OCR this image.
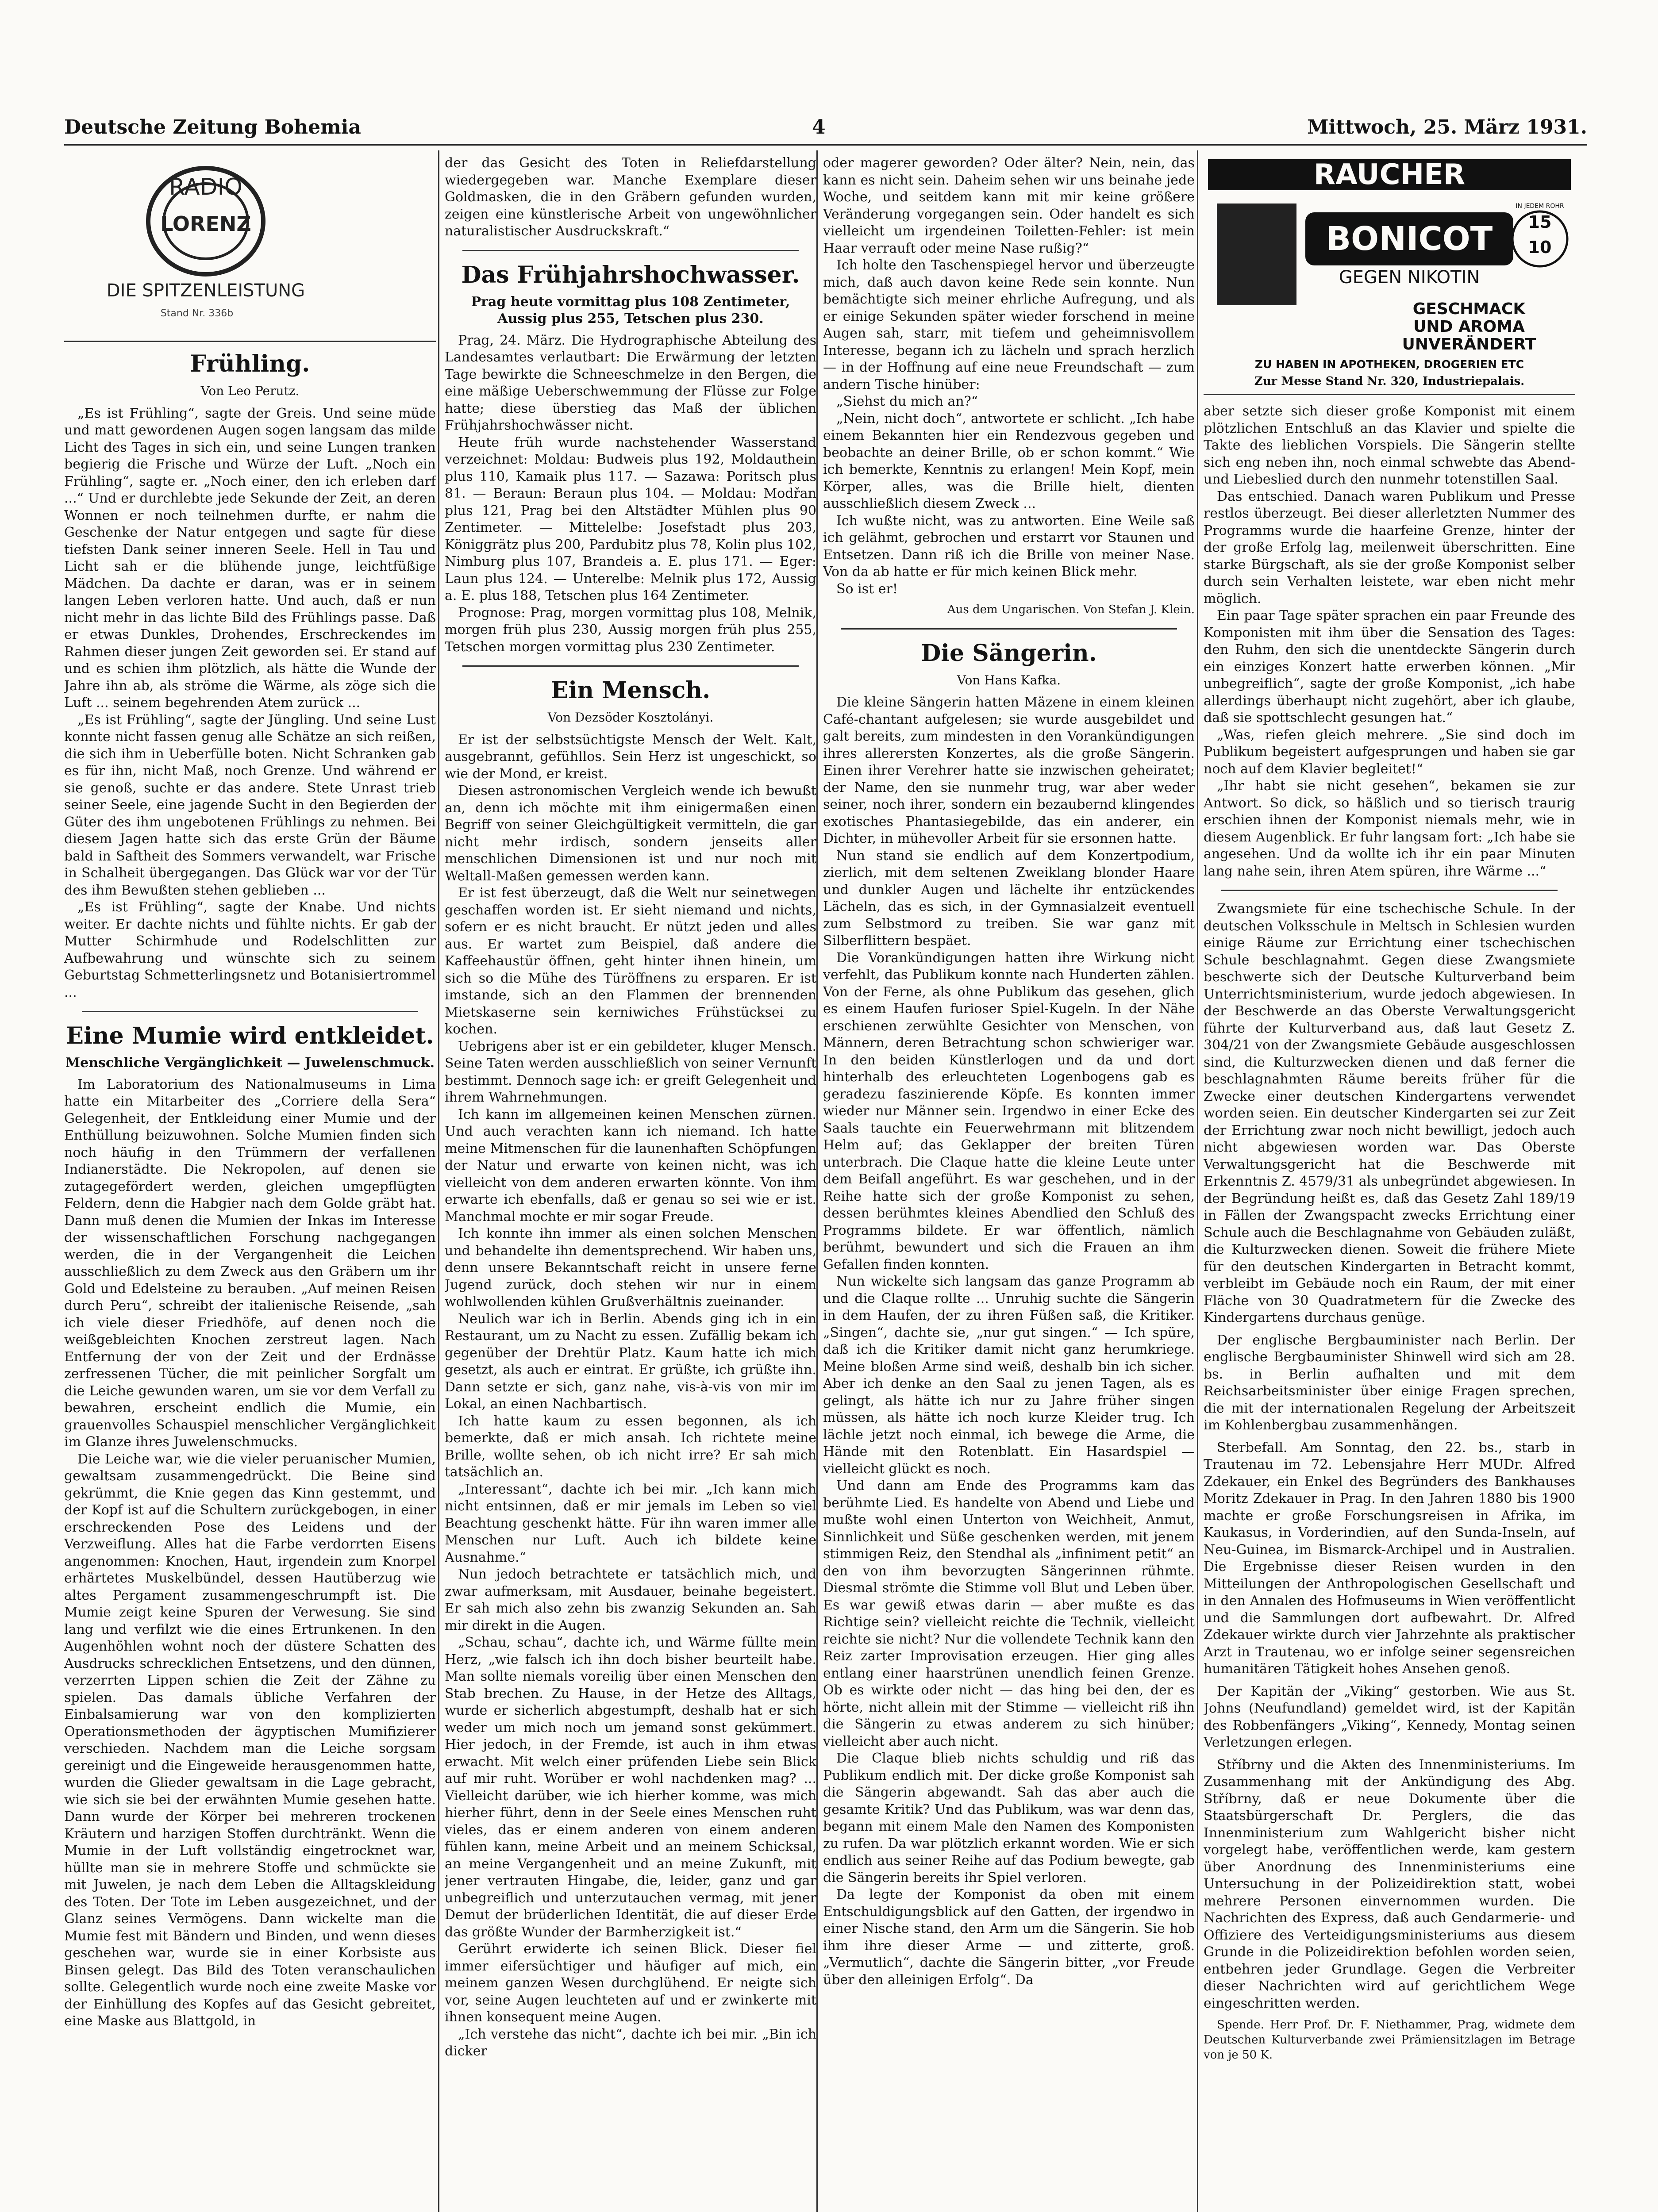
Deutsche Zeitung Bohemia	4	Mittwoch, 25. März 1931.
RADIO
LORENZ
DIE SPITZENLEISTUNG
Stand Nr. 336b
Frühling.
Von Leo Perutz.

„Es ist Frühling“, sagte der Greis. Und seine müde und matt gewordenen Augen sogen langsam das milde Licht des Tages in sich ein, und seine Lungen tranken begierig die Frische und Würze der Luft. „Noch ein Frühling“, sagte er. „Noch einer, den ich erleben darf ...“ Und er durchlebte jede Sekunde der Zeit, an deren Wonnen er noch teilnehmen durfte, er nahm die Geschenke der Natur entgegen und sagte für diese tiefsten Dank seiner inneren Seele. Hell in Tau und Licht sah er die blühende junge, leichtfüßige Mädchen. Da dachte er daran, was er in seinem langen Leben verloren hatte. Und auch, daß er nun nicht mehr in das lichte Bild des Frühlings passe. Daß er etwas Dunkles, Drohendes, Erschreckendes im Rahmen dieser jungen Zeit geworden sei. Er stand auf und es schien ihm plötzlich, als hätte die Wunde der Jahre ihn ab, als ströme die Wärme, als zöge sich die Luft ... seinem begehrenden Atem zurück ...

„Es ist Frühling“, sagte der Jüngling. Und seine Lust konnte nicht fassen genug alle Schätze an sich reißen, die sich ihm in Ueberfülle boten. Nicht Schranken gab es für ihn, nicht Maß, noch Grenze. Und während er sie genoß, suchte er das andere. Stete Unrast trieb seiner Seele, eine jagende Sucht in den Begierden der Güter des ihm ungebotenen Frühlings zu nehmen. Bei diesem Jagen hatte sich das erste Grün der Bäume bald in Saftheit des Sommers verwandelt, war Frische in Schalheit übergegangen. Das Glück war vor der Tür des ihm Bewußten stehen geblieben ...

„Es ist Frühling“, sagte der Knabe. Und nichts weiter. Er dachte nichts und fühlte nichts. Er gab der Mutter Schirmhude und Rodelschlitten zur Aufbewahrung und wünschte sich zu seinem Geburtstag Schmetterlingsnetz und Botanisiertrommel ...

Eine Mumie wird entkleidet.
Menschliche Vergänglichkeit — Juwelenschmuck.

Im Laboratorium des Nationalmuseums in Lima hatte ein Mitarbeiter des „Corriere della Sera“ Gelegenheit, der Entkleidung einer Mumie und der Enthüllung beizuwohnen. Solche Mumien finden sich noch häufig in den Trümmern der verfallenen Indianerstädte. Die Nekropolen, auf denen sie zutagegefördert werden, gleichen umgepflügten Feldern, denn die Habgier nach dem Golde gräbt hat. Dann muß denen die Mumien der Inkas im Interesse der wissenschaftlichen Forschung nachgegangen werden, die in der Vergangenheit die Leichen ausschließlich zu dem Zweck aus den Gräbern um ihr Gold und Edelsteine zu berauben. „Auf meinen Reisen durch Peru“, schreibt der italienische Reisende, „sah ich viele dieser Friedhöfe, auf denen noch die weißgebleichten Knochen zerstreut lagen. Nach Entfernung der von der Zeit und der Erdnässe zerfressenen Tücher, die mit peinlicher Sorgfalt um die Leiche gewunden waren, um sie vor dem Verfall zu bewahren, erscheint endlich die Mumie, ein grauenvolles Schauspiel menschlicher Vergänglichkeit im Glanze ihres Juwelenschmucks.

Die Leiche war, wie die vieler peruanischer Mumien, gewaltsam zusammengedrückt. Die Beine sind gekrümmt, die Knie gegen das Kinn gestemmt, und der Kopf ist auf die Schultern zurückgebogen, in einer erschreckenden Pose des Leidens und der Verzweiflung. Alles hat die Farbe verdorrten Eisens angenommen: Knochen, Haut, irgendein zum Knorpel erhärtetes Muskelbündel, dessen Hautüberzug wie altes Pergament zusammengeschrumpft ist. Die Mumie zeigt keine Spuren der Verwesung. Sie sind lang und verfilzt wie die eines Ertrunkenen. In den Augenhöhlen wohnt noch der düstere Schatten des Ausdrucks schrecklichen Entsetzens, und den dünnen, verzerrten Lippen schien die Zeit der Zähne zu spielen. Das damals übliche Verfahren der Einbalsamierung war von den komplizierten Operationsmethoden der ägyptischen Mumifizierer verschieden. Nachdem man die Leiche sorgsam gereinigt und die Eingeweide herausgenommen hatte, wurden die Glieder gewaltsam in die Lage gebracht, wie sich sie bei der erwähnten Mumie gesehen hatte. Dann wurde der Körper bei mehreren trockenen Kräutern und harzigen Stoffen durchtränkt. Wenn die Mumie in der Luft vollständig eingetrocknet war, hüllte man sie in mehrere Stoffe und schmückte sie mit Juwelen, je nach dem Leben die Alltagskleidung des Toten. Der Tote im Leben ausgezeichnet, und der Glanz seines Vermögens. Dann wickelte man die Mumie fest mit Bändern und Binden, und wenn dieses geschehen war, wurde sie in einer Korbsiste aus Binsen gelegt. Das Bild des Toten veranschaulichen sollte. Gelegentlich wurde noch eine zweite Maske vor der Einhüllung des Kopfes auf das Gesicht gebreitet, eine Maske aus Blattgold, in

der das Gesicht des Toten in Reliefdarstellung wiedergegeben war. Manche Exemplare dieser Goldmasken, die in den Gräbern gefunden wurden, zeigen eine künstlerische Arbeit von ungewöhnlicher naturalistischer Ausdruckskraft.“

Das Frühjahrshochwasser.
Prag heute vormittag plus 108 Zentimeter, Aussig plus 255, Tetschen plus 230.

Prag, 24. März. Die Hydrographische Abteilung des Landesamtes verlautbart: Die Erwärmung der letzten Tage bewirkte die Schneeschmelze in den Bergen, die eine mäßige Ueberschwemmung der Flüsse zur Folge hatte; diese überstieg das Maß der üblichen Frühjahrshochwässer nicht.

Heute früh wurde nachstehender Wasserstand verzeichnet: Moldau: Budweis plus 192, Moldauthein plus 110, Kamaik plus 117. — Sazawa: Poritsch plus 81. — Beraun: Beraun plus 104. — Moldau: Modřan plus 121, Prag bei den Altstädter Mühlen plus 90 Zentimeter. — Mittelelbe: Josefstadt plus 203, Königgrätz plus 200, Pardubitz plus 78, Kolin plus 102, Nimburg plus 107, Brandeis a. E. plus 171. — Eger: Laun plus 124. — Unterelbe: Melnik plus 172, Aussig a. E. plus 188, Tetschen plus 164 Zentimeter.

Prognose: Prag, morgen vormittag plus 108, Melnik, morgen früh plus 230, Aussig morgen früh plus 255, Tetschen morgen vormittag plus 230 Zentimeter.

Ein Mensch.
Von Dezsöder Kosztolányi.

Er ist der selbstsüchtigste Mensch der Welt. Kalt, ausgebrannt, gefühllos. Sein Herz ist ungeschickt, so wie der Mond, er kreist.

Diesen astronomischen Vergleich wende ich bewußt an, denn ich möchte mit ihm einigermaßen einen Begriff von seiner Gleichgültigkeit vermitteln, die gar nicht mehr irdisch, sondern jenseits aller menschlichen Dimensionen ist und nur noch mit Weltall-Maßen gemessen werden kann.

Er ist fest überzeugt, daß die Welt nur seinetwegen geschaffen worden ist. Er sieht niemand und nichts, sofern er es nicht braucht. Er nützt jeden und alles aus. Er wartet zum Beispiel, daß andere die Kaffeehaustür öffnen, geht hinter ihnen hinein, um sich so die Mühe des Türöffnens zu ersparen. Er ist imstande, sich an den Flammen der brennenden Mietskaserne sein kerniwiches Frühstücksei zu kochen.

Uebrigens aber ist er ein gebildeter, kluger Mensch. Seine Taten werden ausschließlich von seiner Vernunft bestimmt. Dennoch sage ich: er greift Gelegenheit und ihrem Wahrnehmungen.

Ich kann im allgemeinen keinen Menschen zürnen. Und auch verachten kann ich niemand. Ich hatte meine Mitmenschen für die launenhaften Schöpfungen der Natur und erwarte von keinen nicht, was ich vielleicht von dem anderen erwarten könnte. Von ihm erwarte ich ebenfalls, daß er genau so sei wie er ist. Manchmal mochte er mir sogar Freude.

Ich konnte ihn immer als einen solchen Menschen und behandelte ihn dementsprechend. Wir haben uns, denn unsere Bekanntschaft reicht in unsere ferne Jugend zurück, doch stehen wir nur in einem wohlwollenden kühlen Grußverhältnis zueinander.

Neulich war ich in Berlin. Abends ging ich in ein Restaurant, um zu Nacht zu essen. Zufällig bekam ich gegenüber der Drehtür Platz. Kaum hatte ich mich gesetzt, als auch er eintrat. Er grüßte, ich grüßte ihn. Dann setzte er sich, ganz nahe, vis-à-vis von mir im Lokal, an einen Nachbartisch.

Ich hatte kaum zu essen begonnen, als ich bemerkte, daß er mich ansah. Ich richtete meine Brille, wollte sehen, ob ich nicht irre? Er sah mich tatsächlich an.

„Interessant“, dachte ich bei mir. „Ich kann mich nicht entsinnen, daß er mir jemals im Leben so viel Beachtung geschenkt hätte. Für ihn waren immer alle Menschen nur Luft. Auch ich bildete keine Ausnahme.“

Nun jedoch betrachtete er tatsächlich mich, und zwar aufmerksam, mit Ausdauer, beinahe begeistert. Er sah mich also zehn bis zwanzig Sekunden an. Sah mir direkt in die Augen.

„Schau, schau“, dachte ich, und Wärme füllte mein Herz, „wie falsch ich ihn doch bisher beurteilt habe. Man sollte niemals voreilig über einen Menschen den Stab brechen. Zu Hause, in der Hetze des Alltags, wurde er sicherlich abgestumpft, deshalb hat er sich weder um mich noch um jemand sonst gekümmert. Hier jedoch, in der Fremde, ist auch in ihm etwas erwacht. Mit welch einer prüfenden Liebe sein Blick auf mir ruht. Worüber er wohl nachdenken mag? ... Vielleicht darüber, wie ich hierher komme, was mich hierher führt, denn in der Seele eines Menschen ruht vieles, das er einem anderen von einem anderen fühlen kann, meine Arbeit und an meinem Schicksal, an meine Vergangenheit und an meine Zukunft, mit jener vertrauten Hingabe, die, leider, ganz und gar unbegreiflich und unterzutauchen vermag, mit jener Demut der brüderlichen Identität, die auf dieser Erde das größte Wunder der Barmherzigkeit ist.“

Gerührt erwiderte ich seinen Blick. Dieser fiel immer eifersüchtiger und häufiger auf mich, ein meinem ganzen Wesen durchglühend. Er neigte sich vor, seine Augen leuchteten auf und er zwinkerte mit ihnen konsequent meine Augen.

„Ich verstehe das nicht“, dachte ich bei mir. „Bin ich dicker

oder magerer geworden? Oder älter? Nein, nein, das kann es nicht sein. Daheim sehen wir uns beinahe jede Woche, und seitdem kann mit mir keine größere Veränderung vorgegangen sein. Oder handelt es sich vielleicht um irgendeinen Toiletten-Fehler: ist mein Haar verrauft oder meine Nase rußig?“

Ich holte den Taschenspiegel hervor und überzeugte mich, daß auch davon keine Rede sein konnte. Nun bemächtigte sich meiner ehrliche Aufregung, und als er einige Sekunden später wieder forschend in meine Augen sah, starr, mit tiefem und geheimnisvollem Interesse, begann ich zu lächeln und sprach herzlich — in der Hoffnung auf eine neue Freundschaft — zum andern Tische hinüber:

„Siehst du mich an?“

„Nein, nicht doch“, antwortete er schlicht. „Ich habe einem Bekannten hier ein Rendezvous gegeben und beobachte an deiner Brille, ob er schon kommt.“ Wie ich bemerkte, Kenntnis zu erlangen! Mein Kopf, mein Körper, alles, was die Brille hielt, dienten ausschließlich diesem Zweck ...

Ich wußte nicht, was zu antworten. Eine Weile saß ich gelähmt, gebrochen und erstarrt vor Staunen und Entsetzen. Dann riß ich die Brille von meiner Nase. Von da ab hatte er für mich keinen Blick mehr.

So ist er!

Aus dem Ungarischen. Von Stefan J. Klein.
Die Sängerin.
Von Hans Kafka.

Die kleine Sängerin hatten Mäzene in einem kleinen Café-chantant aufgelesen; sie wurde ausgebildet und galt bereits, zum mindesten in den Vorankündigungen ihres allerersten Konzertes, als die große Sängerin. Einen ihrer Verehrer hatte sie inzwischen geheiratet; der Name, den sie nunmehr trug, war aber weder seiner, noch ihrer, sondern ein bezaubernd klingendes exotisches Phantasiegebilde, das ein anderer, ein Dichter, in mühevoller Arbeit für sie ersonnen hatte.

Nun stand sie endlich auf dem Konzertpodium, zierlich, mit dem seltenen Zweiklang blonder Haare und dunkler Augen und lächelte ihr entzückendes Lächeln, das es sich, in der Gymnasialzeit eventuell zum Selbstmord zu treiben. Sie war ganz mit Silberflittern bespäet.

Die Vorankündigungen hatten ihre Wirkung nicht verfehlt, das Publikum konnte nach Hunderten zählen. Von der Ferne, als ohne Publikum das gesehen, glich es einem Haufen furioser Spiel-Kugeln. In der Nähe erschienen zerwühlte Gesichter von Menschen, von Männern, deren Betrachtung schon schwieriger war. In den beiden Künstlerlogen und da und dort hinterhalb des erleuchteten Logenbogens gab es geradezu faszinierende Köpfe. Es konnten immer wieder nur Männer sein. Irgendwo in einer Ecke des Saals tauchte ein Feuerwehrmann mit blitzendem Helm auf; das Geklapper der breiten Türen unterbrach. Die Claque hatte die kleine Leute unter dem Beifall angeführt. Es war geschehen, und in der Reihe hatte sich der große Komponist zu sehen, dessen berühmtes kleines Abendlied den Schluß des Programms bildete. Er war öffentlich, nämlich berühmt, bewundert und sich die Frauen an ihm Gefallen finden konnten.

Nun wickelte sich langsam das ganze Programm ab und die Claque rollte ... Unruhig suchte die Sängerin in dem Haufen, der zu ihren Füßen saß, die Kritiker. „Singen“, dachte sie, „nur gut singen.“ — Ich spüre, daß ich die Kritiker damit nicht ganz herumkriege. Meine bloßen Arme sind weiß, deshalb bin ich sicher. Aber ich denke an den Saal zu jenen Tagen, als es gelingt, als hätte ich nur zu Jahre früher singen müssen, als hätte ich noch kurze Kleider trug. Ich lächle jetzt noch einmal, ich bewege die Arme, die Hände mit den Rotenblatt. Ein Hasardspiel — vielleicht glückt es noch.

Und dann am Ende des Programms kam das berühmte Lied. Es handelte von Abend und Liebe und mußte wohl einen Unterton von Weichheit, Anmut, Sinnlichkeit und Süße geschenken werden, mit jenem stimmigen Reiz, den Stendhal als „infiniment petit“ an den von ihm bevorzugten Sängerinnen rühmte. Diesmal strömte die Stimme voll Blut und Leben über. Es war gewiß etwas darin — aber mußte es das Richtige sein? vielleicht reichte die Technik, vielleicht reichte sie nicht? Nur die vollendete Technik kann den Reiz zarter Improvisation erzeugen. Hier ging alles entlang einer haarstrünen unendlich feinen Grenze. Ob es wirkte oder nicht — das hing bei den, der es hörte, nicht allein mit der Stimme — vielleicht riß ihn die Sängerin zu etwas anderem zu sich hinüber; vielleicht aber auch nicht.

Die Claque blieb nichts schuldig und riß das Publikum endlich mit. Der dicke große Komponist sah die Sängerin abgewandt. Sah das aber auch die gesamte Kritik? Und das Publikum, was war denn das, begann mit einem Male den Namen des Komponisten zu rufen. Da war plötzlich erkannt worden. Wie er sich endlich aus seiner Reihe auf das Podium bewegte, gab die Sängerin bereits ihr Spiel verloren.

Da legte der Komponist da oben mit einem Entschuldigungsblick auf den Gatten, der irgendwo in einer Nische stand, den Arm um die Sängerin. Sie hob ihm ihre dieser Arme — und zitterte, groß. „Vermutlich“, dachte die Sängerin bitter, „vor Freude über den alleinigen Erfolg“. Da

RAUCHER
BONICOT
GEGEN NIKOTIN
15
10
IN JEDEM ROHR
GESCHMACK
UND AROMA
UNVERÄNDERT
ZU HABEN IN APOTHEKEN, DROGERIEN ETC
Zur Messe Stand Nr. 320, Industriepalais.

aber setzte sich dieser große Komponist mit einem plötzlichen Entschluß an das Klavier und spielte die Takte des lieblichen Vorspiels. Die Sängerin stellte sich eng neben ihn, noch einmal schwebte das Abend- und Liebeslied durch den nunmehr totenstillen Saal.

Das entschied. Danach waren Publikum und Presse restlos überzeugt. Bei dieser allerletzten Nummer des Programms wurde die haarfeine Grenze, hinter der der große Erfolg lag, meilenweit überschritten. Eine starke Bürgschaft, als sie der große Komponist selber durch sein Verhalten leistete, war eben nicht mehr möglich.

Ein paar Tage später sprachen ein paar Freunde des Komponisten mit ihm über die Sensation des Tages: den Ruhm, den sich die unentdeckte Sängerin durch ein einziges Konzert hatte erwerben können. „Mir unbegreiflich“, sagte der große Komponist, „ich habe allerdings überhaupt nicht zugehört, aber ich glaube, daß sie spottschlecht gesungen hat.“

„Was, riefen gleich mehrere. „Sie sind doch im Publikum begeistert aufgesprungen und haben sie gar noch auf dem Klavier begleitet!“

„Ihr habt sie nicht gesehen“, bekamen sie zur Antwort. So dick, so häßlich und so tierisch traurig erschien ihnen der Komponist niemals mehr, wie in diesem Augenblick. Er fuhr langsam fort: „Ich habe sie angesehen. Und da wollte ich ihr ein paar Minuten lang nahe sein, ihren Atem spüren, ihre Wärme ...“

Zwangsmiete für eine tschechische Schule. In der deutschen Volksschule in Meltsch in Schlesien wurden einige Räume zur Errichtung einer tschechischen Schule beschlagnahmt. Gegen diese Zwangsmiete beschwerte sich der Deutsche Kulturverband beim Unterrichtsministerium, wurde jedoch abgewiesen. In der Beschwerde an das Oberste Verwaltungsgericht führte der Kulturverband aus, daß laut Gesetz Z. 304/21 von der Zwangsmiete Gebäude ausgeschlossen sind, die Kulturzwecken dienen und daß ferner die beschlagnahmten Räume bereits früher für die Zwecke einer deutschen Kindergartens verwendet worden seien. Ein deutscher Kindergarten sei zur Zeit der Errichtung zwar noch nicht bewilligt, jedoch auch nicht abgewiesen worden war. Das Oberste Verwaltungsgericht hat die Beschwerde mit Erkenntnis Z. 4579/31 als unbegründet abgewiesen. In der Begründung heißt es, daß das Gesetz Zahl 189/19 in Fällen der Zwangspacht zwecks Errichtung einer Schule auch die Beschlagnahme von Gebäuden zuläßt, die Kulturzwecken dienen. Soweit die frühere Miete für den deutschen Kindergarten in Betracht kommt, verbleibt im Gebäude noch ein Raum, der mit einer Fläche von 30 Quadratmetern für die Zwecke des Kindergartens durchaus genüge.

Der englische Bergbauminister nach Berlin. Der englische Bergbauminister Shinwell wird sich am 28. bs. in Berlin aufhalten und mit dem Reichsarbeitsminister über einige Fragen sprechen, die mit der internationalen Regelung der Arbeitszeit im Kohlenbergbau zusammenhängen.

Sterbefall. Am Sonntag, den 22. bs., starb in Trautenau im 72. Lebensjahre Herr MUDr. Alfred Zdekauer, ein Enkel des Begründers des Bankhauses Moritz Zdekauer in Prag. In den Jahren 1880 bis 1900 machte er große Forschungsreisen in Afrika, im Kaukasus, in Vorderindien, auf den Sunda-Inseln, auf Neu-Guinea, im Bismarck-Archipel und in Australien. Die Ergebnisse dieser Reisen wurden in den Mitteilungen der Anthropologischen Gesellschaft und in den Annalen des Hofmuseums in Wien veröffentlicht und die Sammlungen dort aufbewahrt. Dr. Alfred Zdekauer wirkte durch vier Jahrzehnte als praktischer Arzt in Trautenau, wo er infolge seiner segensreichen humanitären Tätigkeit hohes Ansehen genoß.

Der Kapitän der „Viking“ gestorben. Wie aus St. Johns (Neufundland) gemeldet wird, ist der Kapitän des Robbenfängers „Viking“, Kennedy, Montag seinen Verletzungen erlegen.

Stříbrny und die Akten des Innenministeriums. Im Zusammenhang mit der Ankündigung des Abg. Stříbrny, daß er neue Dokumente über die Staatsbürgerschaft Dr. Perglers, die das Innenministerium zum Wahlgericht bisher nicht vorgelegt habe, veröffentlichen werde, kam gestern über Anordnung des Innenministeriums eine Untersuchung in der Polizeidirektion statt, wobei mehrere Personen einvernommen wurden. Die Nachrichten des Express, daß auch Gendarmerie- und Offiziere des Verteidigungsministeriums aus diesem Grunde in die Polizeidirektion befohlen worden seien, entbehren jeder Grundlage. Gegen die Verbreiter dieser Nachrichten wird auf gerichtlichem Wege eingeschritten werden.

Spende. Herr Prof. Dr. F. Niethammer, Prag, widmete dem Deutschen Kulturverbande zwei Prämiensitzlagen im Betrage von je 50 K.
